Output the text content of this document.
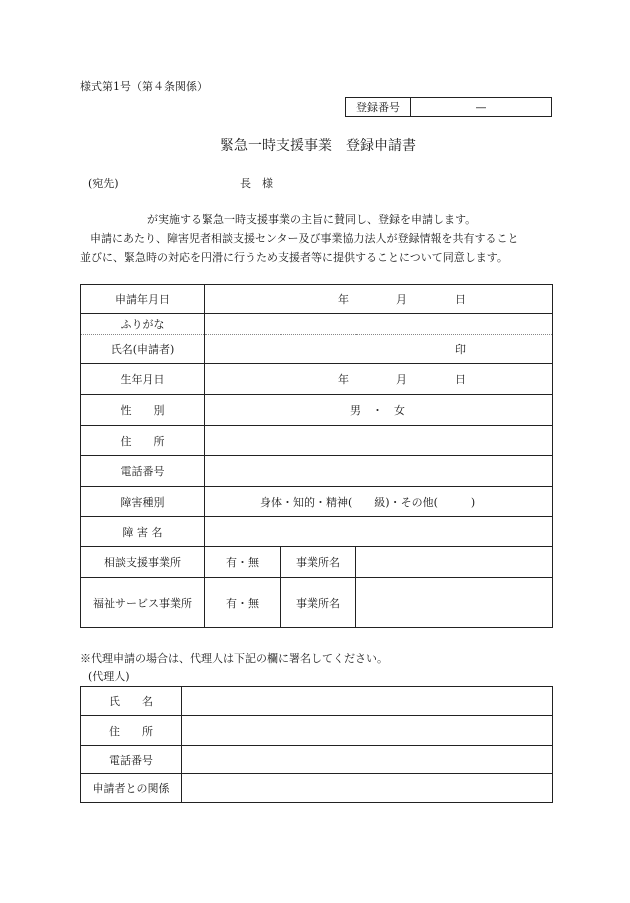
様式第1号（第４条関係）
登録番号	—
緊急一時支援事業　登録申請書
(宛先)	長　様
が実施する緊急一時支援事業の主旨に賛同し、登録を申請します。
申請にあたり、障害児者相談支援センター及び事業協力法人が登録情報を共有すること
並びに、緊急時の対応を円滑に行うため支援者等に提供することについて同意します。
申請年月日	年 月 日		

ふりがな			
氏名(申請者)	印		

生年月日	年 月 日		

性　　別	男　・　女		

住　　所			
電話番号			
障害種別	身体・知的・精神(　　級)・その他(　　　)		

障 害 名			
相談支援事業所	有・無	事業所名	
福祉サービス事業所	有・無	事業所名	
※代理申請の場合は、代理人は下記の欄に署名してください。
(代理人)
氏　　名	
住　　所	
電話番号	
申請者との関係	
